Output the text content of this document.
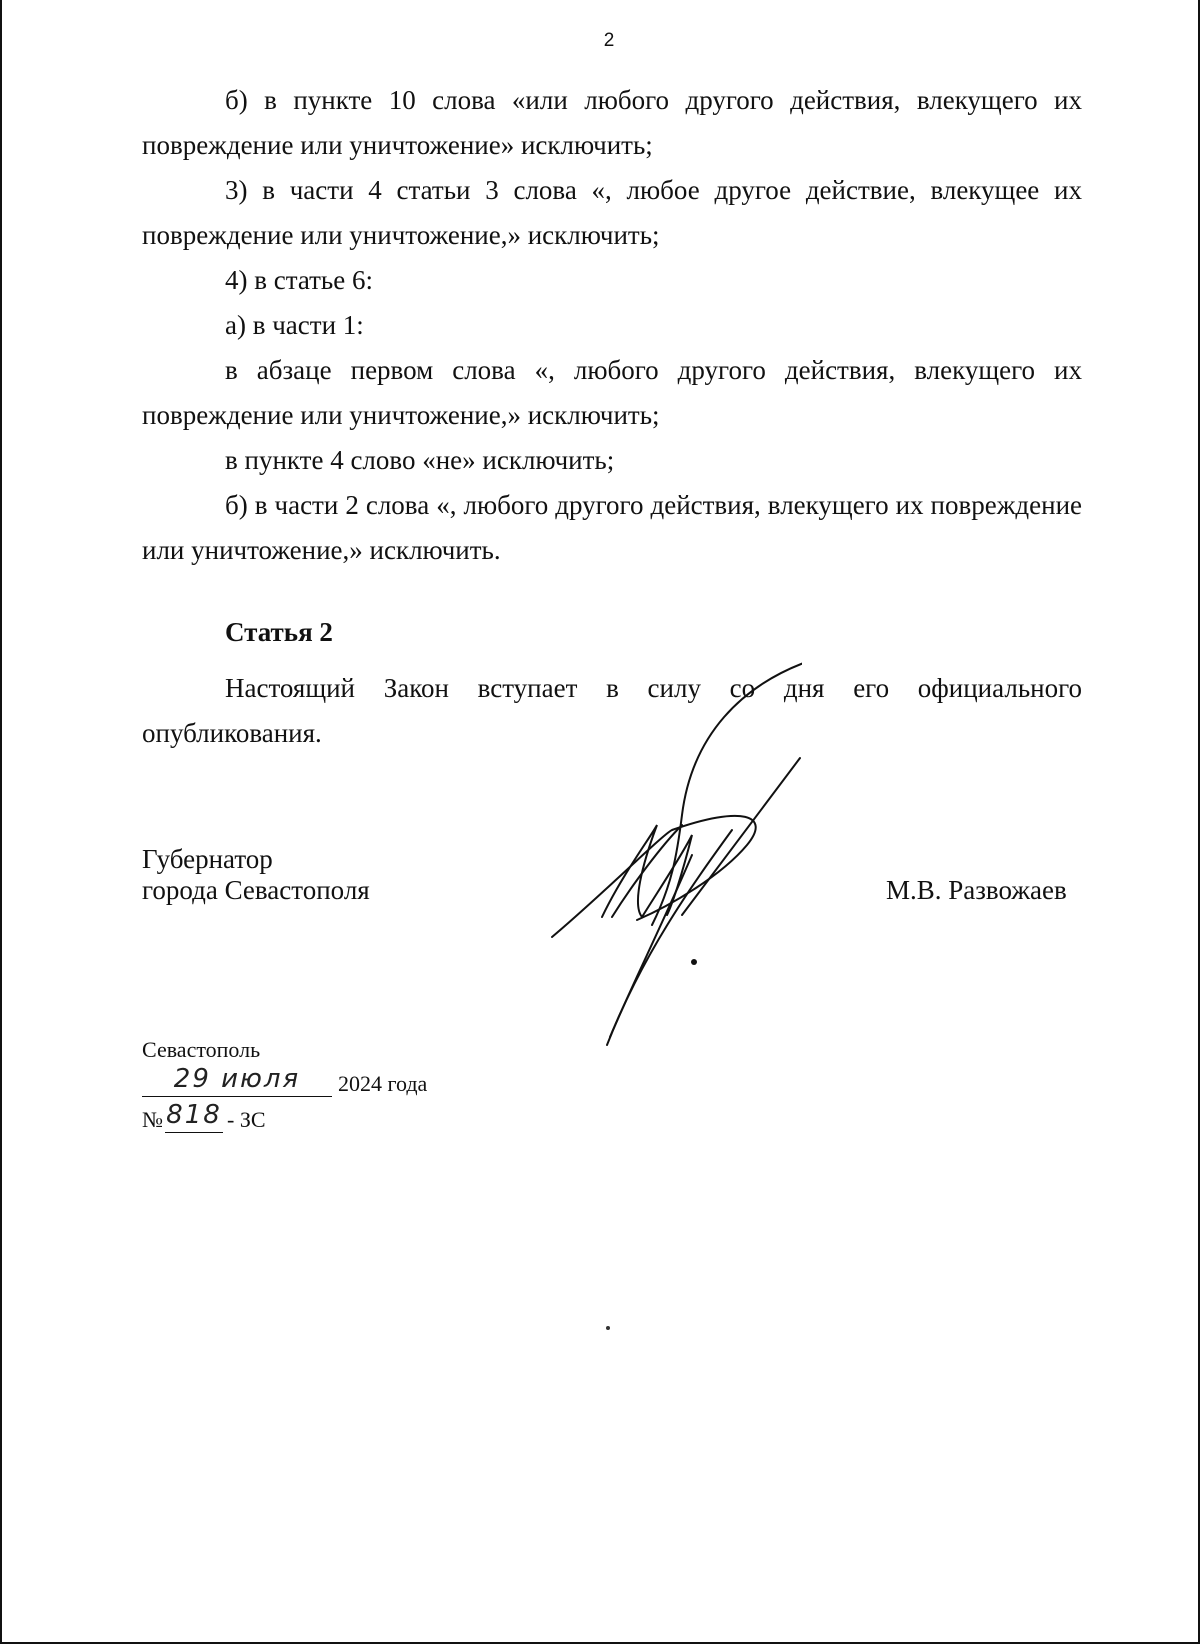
2

б) в пункте 10 слова «или любого другого действия, влекущего их повреждение или уничтожение» исключить;

3) в части 4 статьи 3 слова «, любое другое действие, влекущее их повреждение или уничтожение,» исключить;

4) в статье 6:

а) в части 1:

в абзаце первом слова «, любого другого действия, влекущего их повреждение или уничтожение,» исключить;

в пункте 4 слово «не» исключить;

б) в части 2 слова «, любого другого действия, влекущего их повреждение или уничтожение,» исключить.

Статья 2

Настоящий Закон вступает в силу со дня его официального опубликования.

Губернатор
города Севастополя	М.В. Развожаев
Севастополь
29 июля	2024 года
№ 818 - ЗС
